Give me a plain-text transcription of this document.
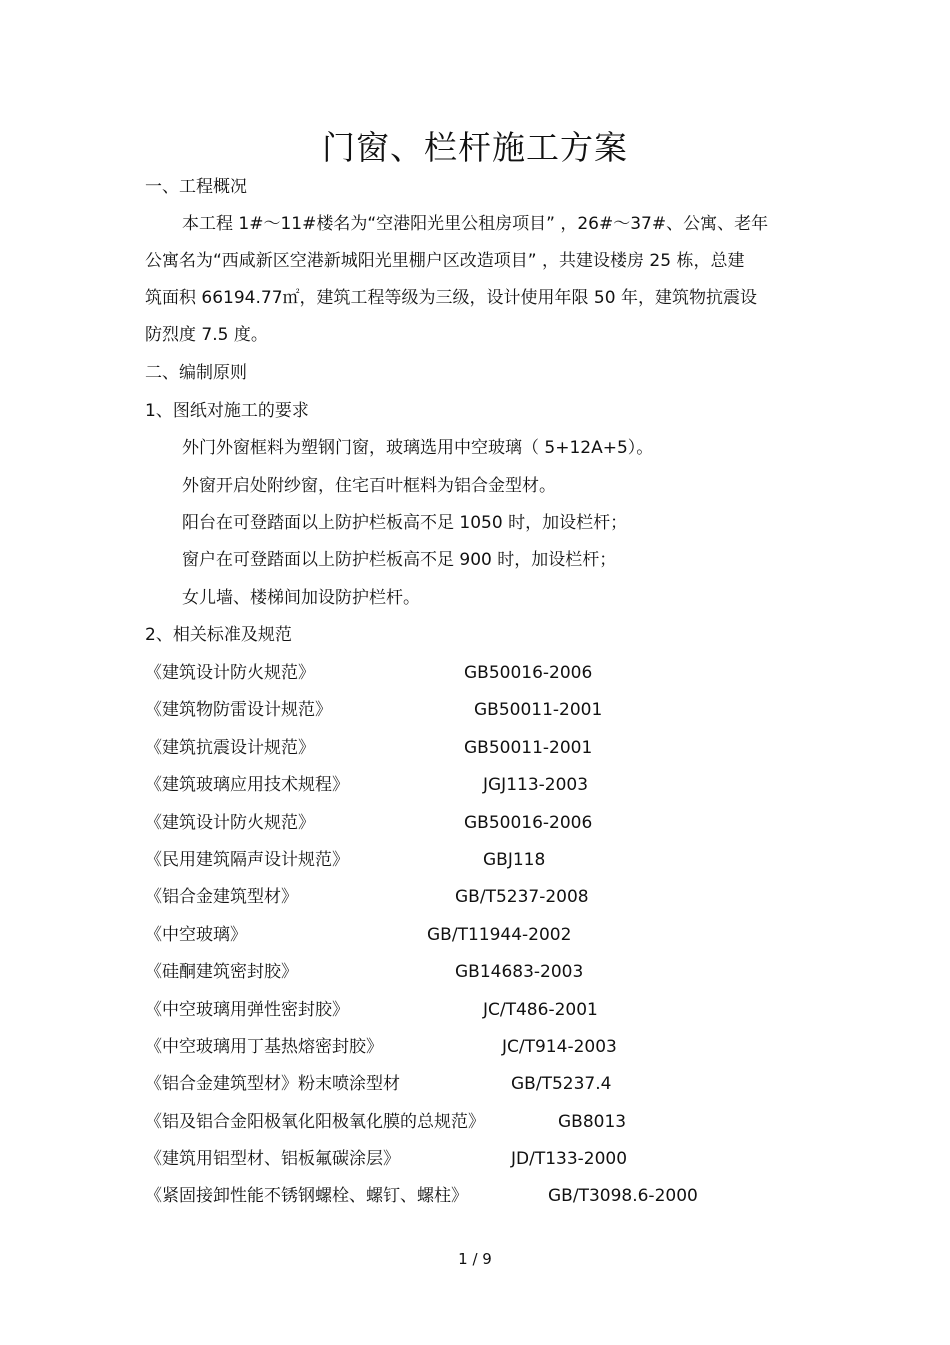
门窗、栏杆施工方案
一、工程概况
本工程 1#～11#楼名为“空港阳光里公租房项目” ，26#～37#、公寓、老年
公寓名为“西咸新区空港新城阳光里棚户区改造项目” ，共建设楼房 25 栋，总建
筑面积 66194.77㎡，建筑工程等级为三级，设计使用年限 50 年，建筑物抗震设
防烈度 7.5 度。
二、编制原则
1、图纸对施工的要求
外门外窗框料为塑钢门窗，玻璃选用中空玻璃（ 5+12A+5）。
外窗开启处附纱窗，住宅百叶框料为铝合金型材。
阳台在可登踏面以上防护栏板高不足 1050 时，加设栏杆；
窗户在可登踏面以上防护栏板高不足 900 时，加设栏杆；
女儿墙、楼梯间加设防护栏杆。
2、相关标准及规范
《建筑设计防火规范》	GB50016-2006
《建筑物防雷设计规范》	GB50011-2001
《建筑抗震设计规范》	GB50011-2001
《建筑玻璃应用技术规程》	JGJ113-2003
《建筑设计防火规范》	GB50016-2006
《民用建筑隔声设计规范》	GBJ118
《铝合金建筑型材》	GB/T5237-2008
《中空玻璃》	GB/T11944-2002
《硅酮建筑密封胶》	GB14683-2003
《中空玻璃用弹性密封胶》	JC/T486-2001
《中空玻璃用丁基热熔密封胶》	JC/T914-2003
《铝合金建筑型材》粉末喷涂型材	GB/T5237.4
《铝及铝合金阳极氧化阳极氧化膜的总规范》	GB8013
《建筑用铝型材、铝板氟碳涂层》	JD/T133-2000
《紧固接卸性能不锈钢螺栓、螺钉、螺柱》	GB/T3098.6-2000
1 / 9
